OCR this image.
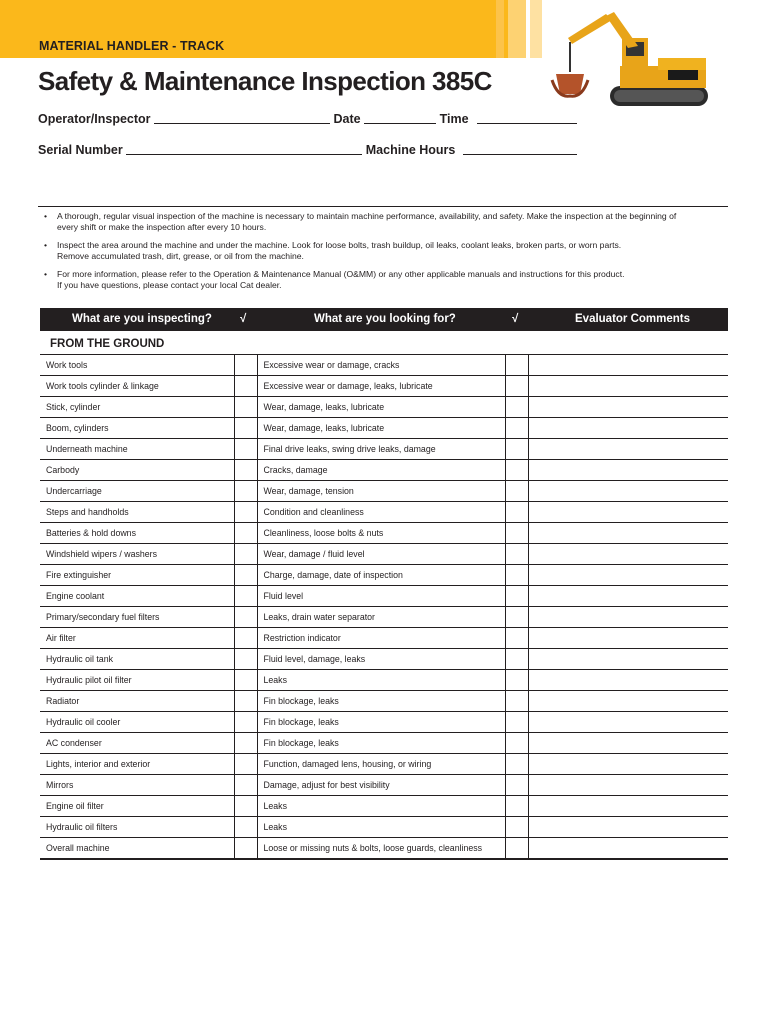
MATERIAL HANDLER - TRACK
Safety & Maintenance Inspection 385C
Operator/Inspector	Date	Time
Serial Number	Machine Hours
•	A thorough, regular visual inspection of the machine is necessary to maintain machine performance, availability, and safety. Make the inspection at the beginning of
every shift or make the inspection after every 10 hours.
•	Inspect the area around the machine and under the machine. Look for loose bolts, trash buildup, oil leaks, coolant leaks, broken parts, or worn parts.
Remove accumulated trash, dirt, grease, or oil from the machine.
•	For more information, please refer to the Operation & Maintenance Manual (O&MM) or any other applicable manuals and instructions for this product.
If you have questions, please contact your local Cat dealer.
What are you inspecting? √	What are you looking for?	√	Evaluator Comments
FROM THE GROUND
Work tools		Excessive wear or damage, cracks		
Work tools cylinder & linkage		Excessive wear or damage, leaks, lubricate		
Stick, cylinder		Wear, damage, leaks, lubricate		
Boom, cylinders		Wear, damage, leaks, lubricate		
Underneath machine		Final drive leaks, swing drive leaks, damage		
Carbody		Cracks, damage		
Undercarriage		Wear, damage, tension		
Steps and handholds		Condition and cleanliness		
Batteries & hold downs		Cleanliness, loose bolts & nuts		
Windshield wipers / washers		Wear, damage / fluid level		
Fire extinguisher		Charge, damage, date of inspection		
Engine coolant		Fluid level		
Primary/secondary fuel filters		Leaks, drain water separator		
Air filter		Restriction indicator		
Hydraulic oil tank		Fluid level, damage, leaks		
Hydraulic pilot oil filter		Leaks		
Radiator		Fin blockage, leaks		
Hydraulic oil cooler		Fin blockage, leaks		
AC condenser		Fin blockage, leaks		
Lights, interior and exterior		Function, damaged lens, housing, or wiring		
Mirrors		Damage, adjust for best visibility		
Engine oil filter		Leaks		
Hydraulic oil filters		Leaks		
Overall machine		Loose or missing nuts & bolts, loose guards, cleanliness		
